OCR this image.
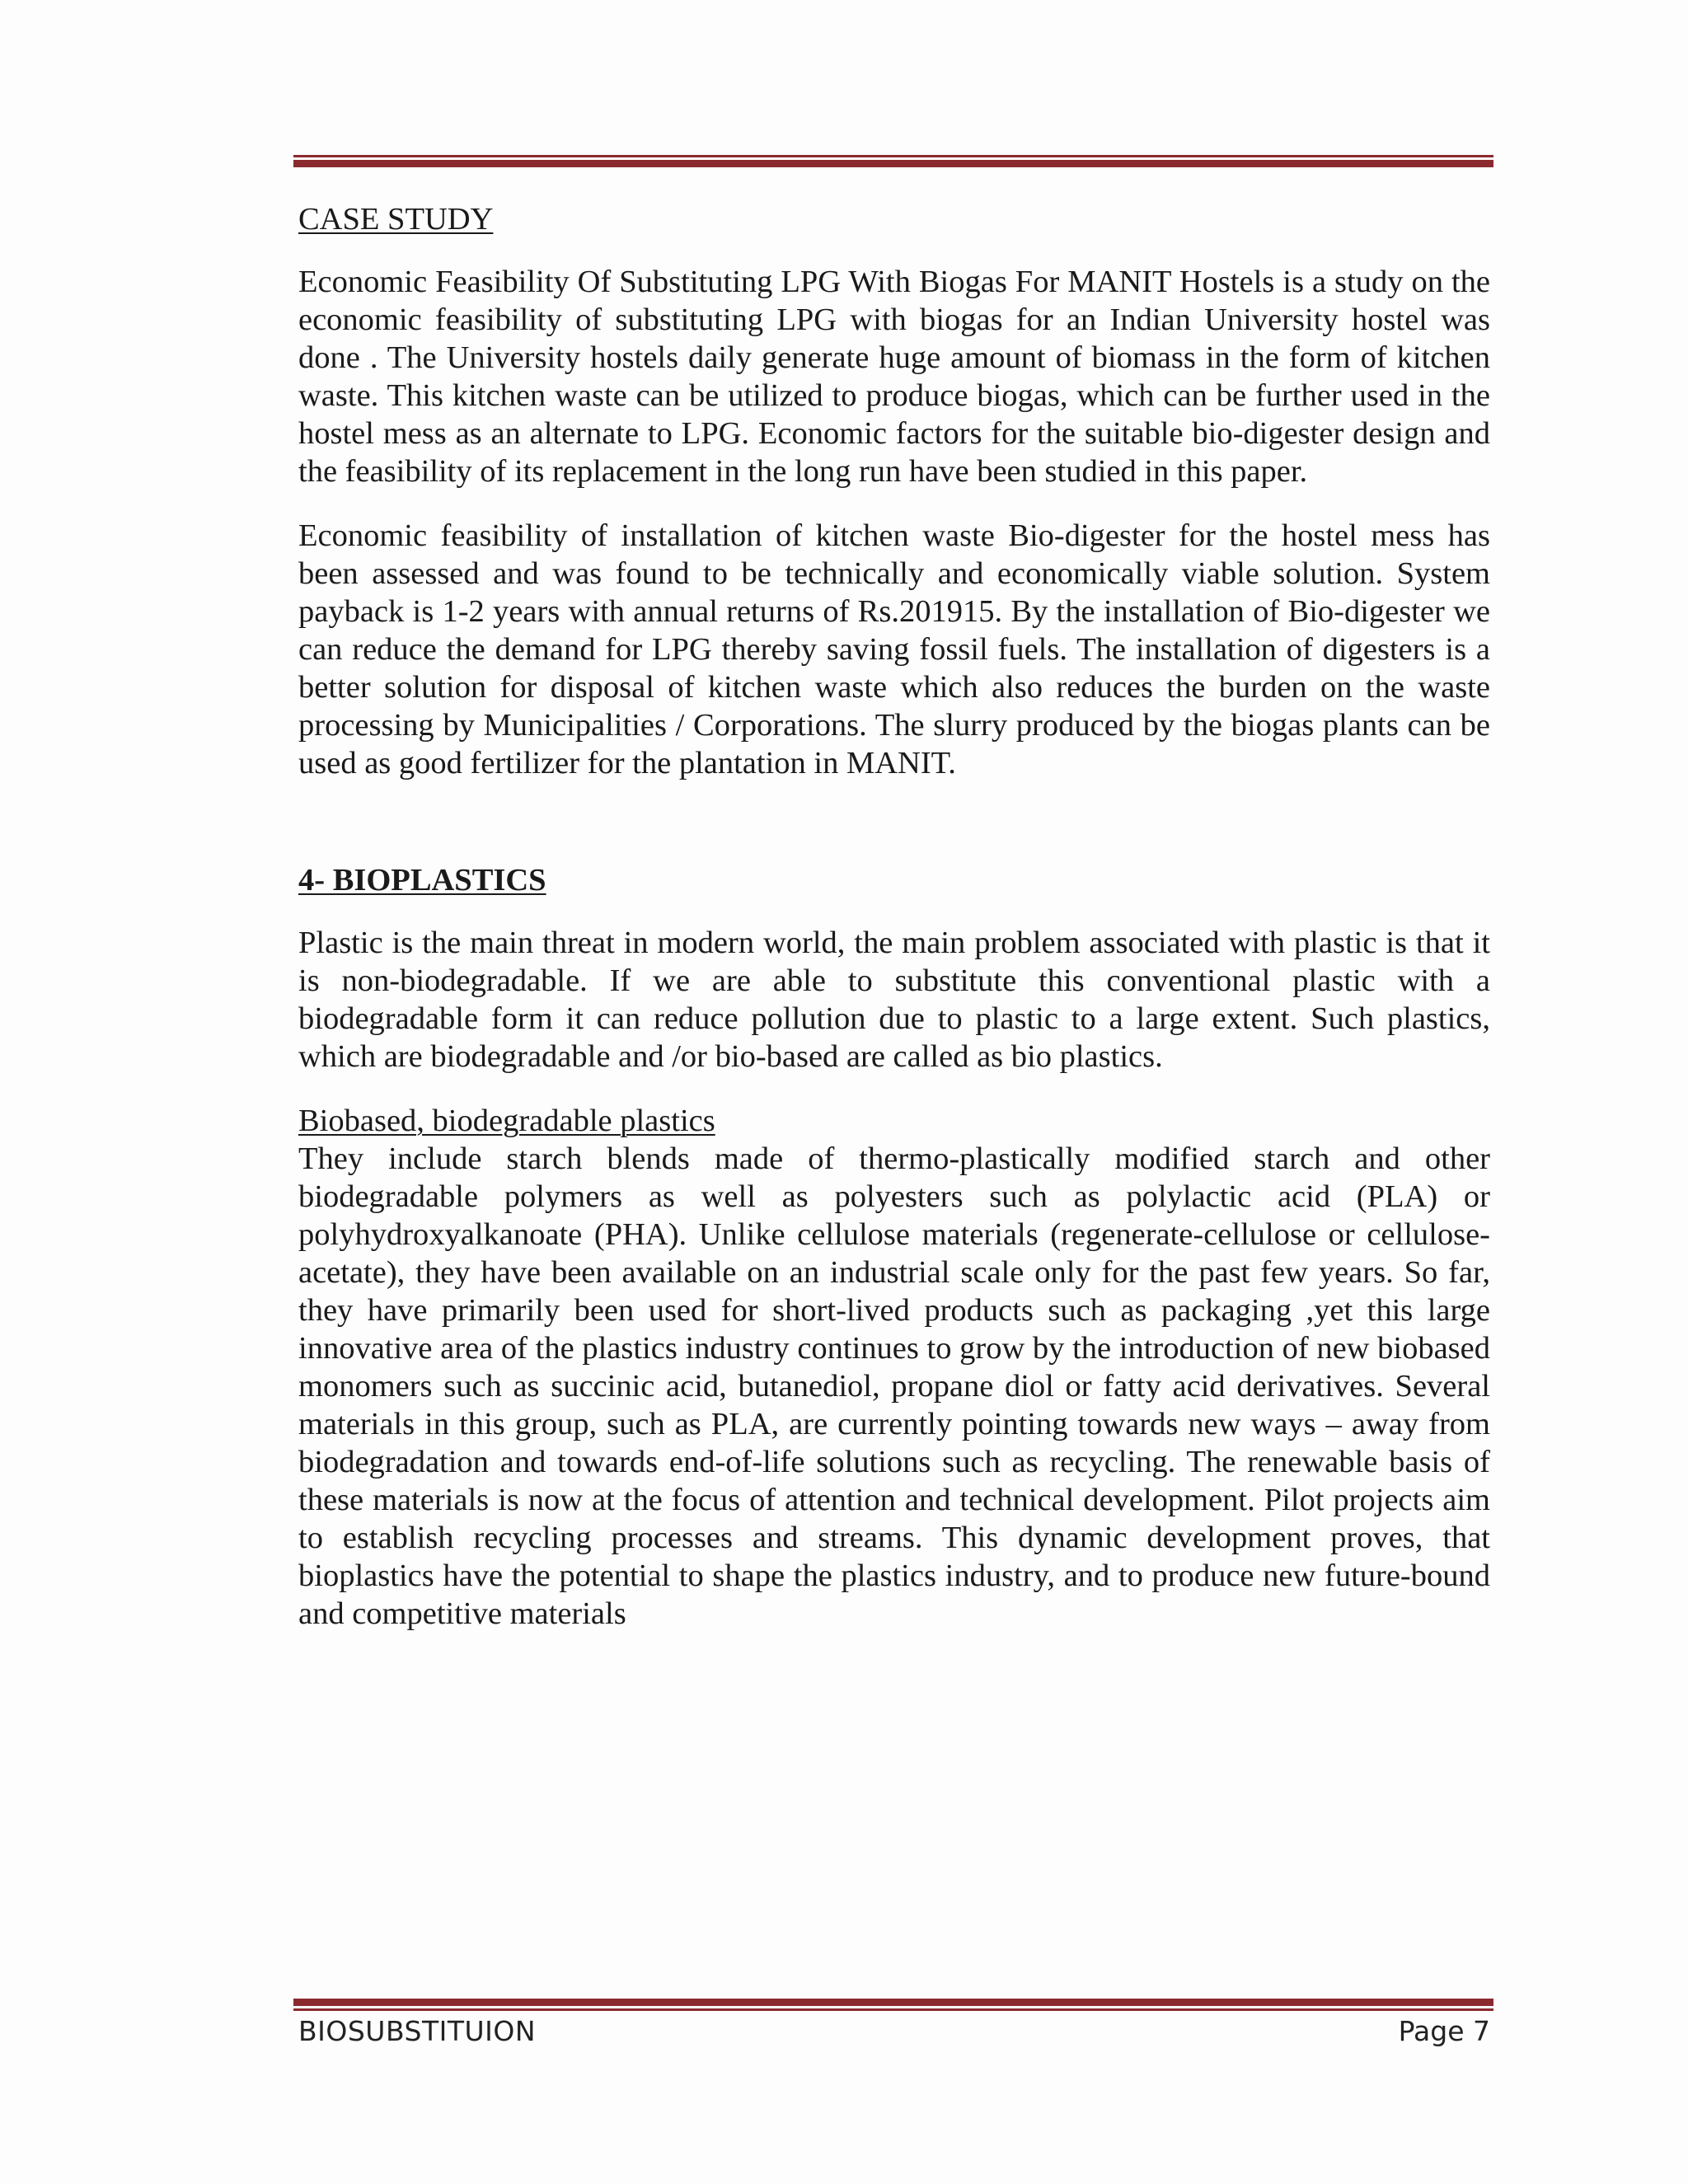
CASE STUDY

Economic Feasibility Of Substituting LPG With Biogas For MANIT Hostels is a study on the economic feasibility of substituting LPG with biogas for an Indian University hostel was done . The University hostels daily generate huge amount of biomass in the form of kitchen waste. This kitchen waste can be utilized to produce biogas, which can be further used in the hostel mess as an alternate to LPG. Economic factors for the suitable bio-digester design and the feasibility of its replacement in the long run have been studied in this paper.

Economic feasibility of installation of kitchen waste Bio-digester for the hostel mess has been assessed and was found to be technically and economically viable solution. System payback is 1-2 years with annual returns of Rs.201915. By the installation of Bio-digester we can reduce the demand for LPG thereby saving fossil fuels. The installation of digesters is a better solution for disposal of kitchen waste which also reduces the burden on the waste processing by Municipalities / Corporations. The slurry produced by the biogas plants can be used as good fertilizer for the plantation in MANIT.

4- BIOPLASTICS

Plastic is the main threat in modern world, the main problem associated with plastic is that it is non-biodegradable. If we are able to substitute this conventional plastic with a biodegradable form it can reduce pollution due to plastic to a large extent. Such plastics, which are biodegradable and /or bio-based are called as bio plastics.

Biobased, biodegradable plastics

They include starch blends made of thermo-plastically modified starch and other biodegradable polymers as well as polyesters such as polylactic acid (PLA) or polyhydroxyalkanoate (PHA). Unlike cellulose materials (regenerate-cellulose or cellulose-acetate), they have been available on an industrial scale only for the past few years. So far, they have primarily been used for short-lived products such as packaging ,yet this large innovative area of the plastics industry continues to grow by the introduction of new biobased monomers such as succinic acid, butanediol, propane diol or fatty acid derivatives. Several materials in this group, such as PLA, are currently pointing towards new ways – away from biodegradation and towards end-of-life solutions such as recycling. The renewable basis of these materials is now at the focus of attention and technical development. Pilot projects aim to establish recycling processes and streams. This dynamic development proves, that bioplastics have the potential to shape the plastics industry, and to produce new future-bound and competitive materials

BIOSUBSTITUION	Page 7
